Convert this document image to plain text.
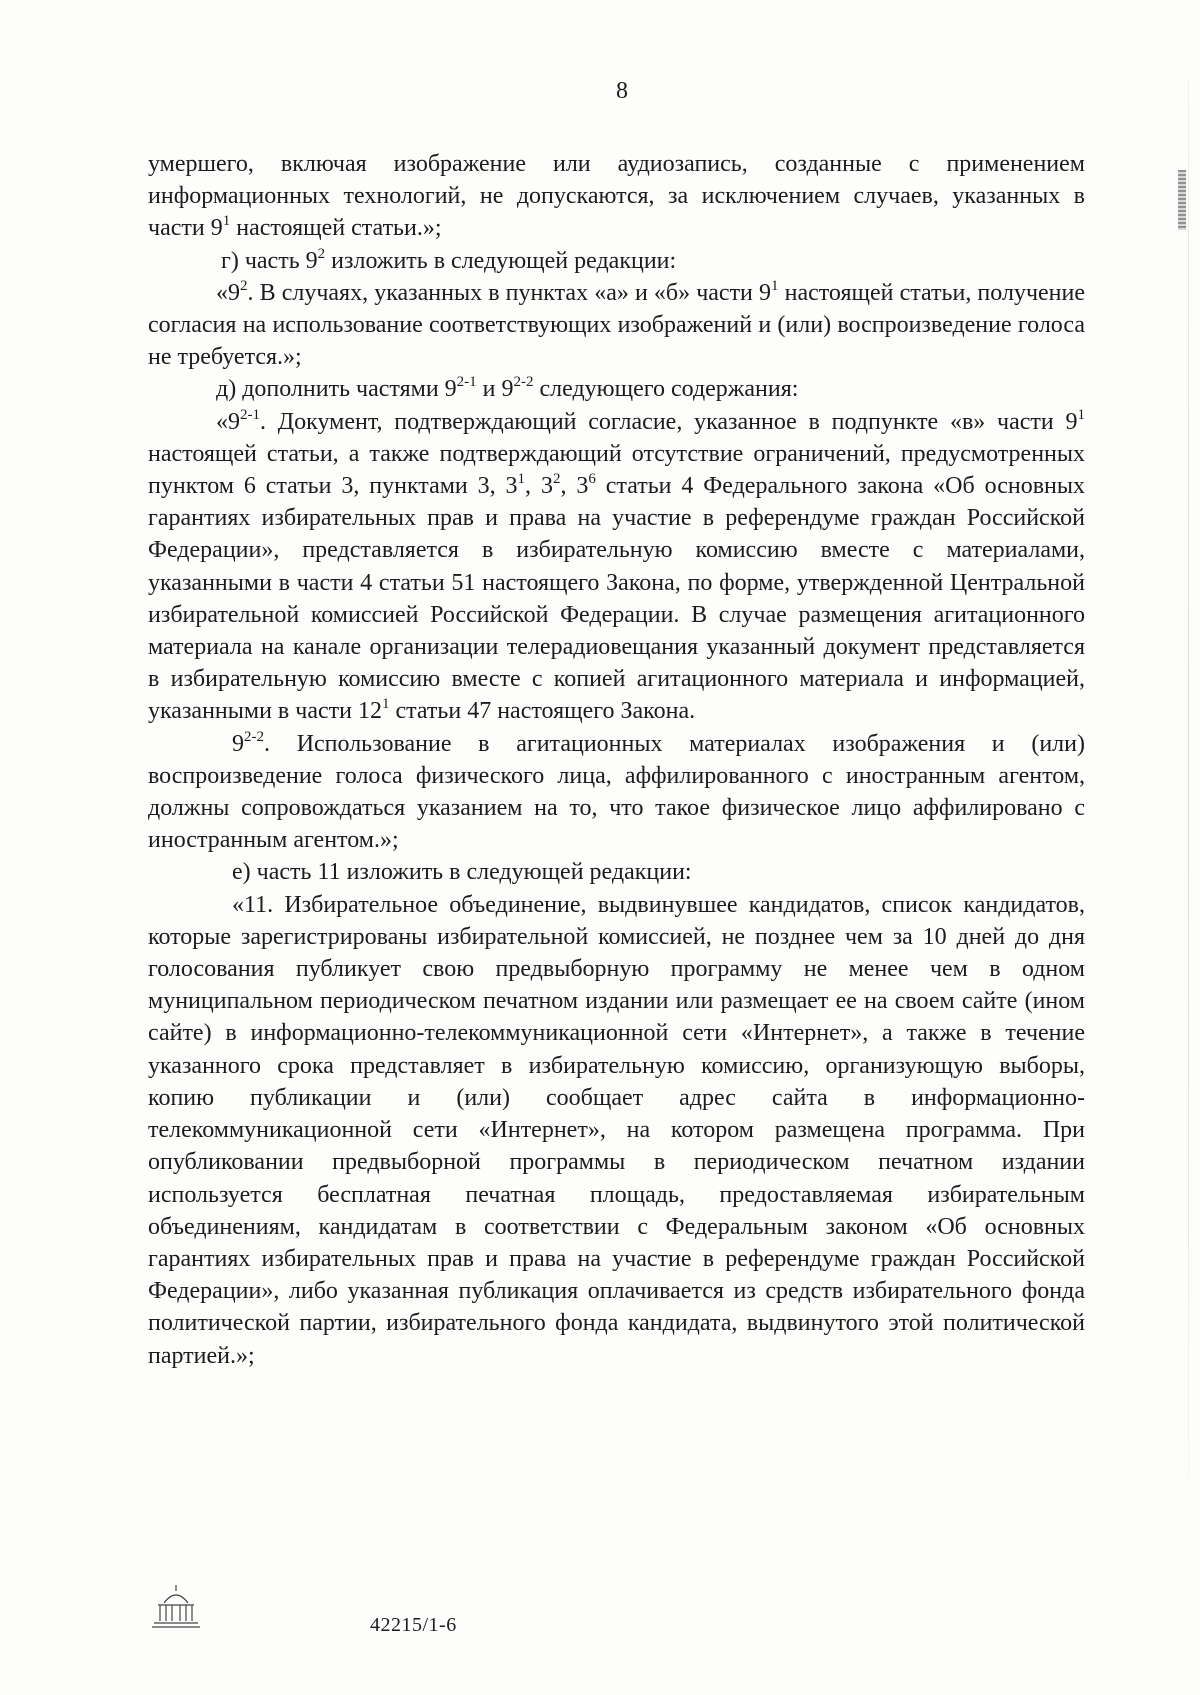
8

умершего, включая изображение или аудиозапись, созданные с применением информационных технологий, не допускаются, за исключением случаев, указанных в части $9^1$ настоящей статьи.»;

г) часть $9^2$ изложить в следующей редакции:

«$9^2$. В случаях, указанных в пунктах «а» и «б» части $9^1$ настоящей статьи, получение согласия на использование соответствующих изображений и (или) воспроизведение голоса не требуется.»;

д) дополнить частями 9$^{2-1}$ и 9$^{2-2}$ следующего содержания:

«9$^{2-1}$. Документ, подтверждающий согласие, указанное в подпункте «в» части $9^1$ настоящей статьи, а также подтверждающий отсутствие ограничений, предусмотренных пунктом 6 статьи 3, пунктами 3, $3^1$, $3^2$, $3^6$ статьи 4 Федерального закона «Об основных гарантиях избирательных прав и права на участие в референдуме граждан Российской Федерации», представляется в избирательную комиссию вместе с материалами, указанными в части 4 статьи 51 настоящего Закона, по форме, утвержденной Центральной избирательной комиссией Российской Федерации. В случае размещения агитационного материала на канале организации телерадиовещания указанный документ представляется в избирательную комиссию вместе с копией агитационного материала и информацией, указанными в части $12^1$ статьи 47 настоящего Закона.

9$^{2-2}$. Использование в агитационных материалах изображения и (или) воспроизведение голоса физического лица, аффилированного с иностранным агентом, должны сопровождаться указанием на то, что такое физическое лицо аффилировано с иностранным агентом.»;

е) часть 11 изложить в следующей редакции:

«11. Избирательное объединение, выдвинувшее кандидатов, список кандидатов, которые зарегистрированы избирательной комиссией, не позднее чем за 10 дней до дня голосования публикует свою предвыборную программу не менее чем в одном муниципальном периодическом печатном издании или размещает ее на своем сайте (ином сайте) в информационно-телекоммуникационной сети «Интернет», а также в течение указанного срока представляет в избирательную комиссию, организующую выборы, копию публикации и (или) сообщает адрес сайта в информационно-телекоммуникационной сети «Интернет», на котором размещена программа. При опубликовании предвыборной программы в периодическом печатном издании используется бесплатная печатная площадь, предоставляемая избирательным объединениям, кандидатам в соответствии с Федеральным законом «Об основных гарантиях избирательных прав и права на участие в референдуме граждан Российской Федерации», либо указанная публикация оплачивается из средств избирательного фонда политической партии, избирательного фонда кандидата, выдвинутого этой политической партией.»;

42215/1-6
